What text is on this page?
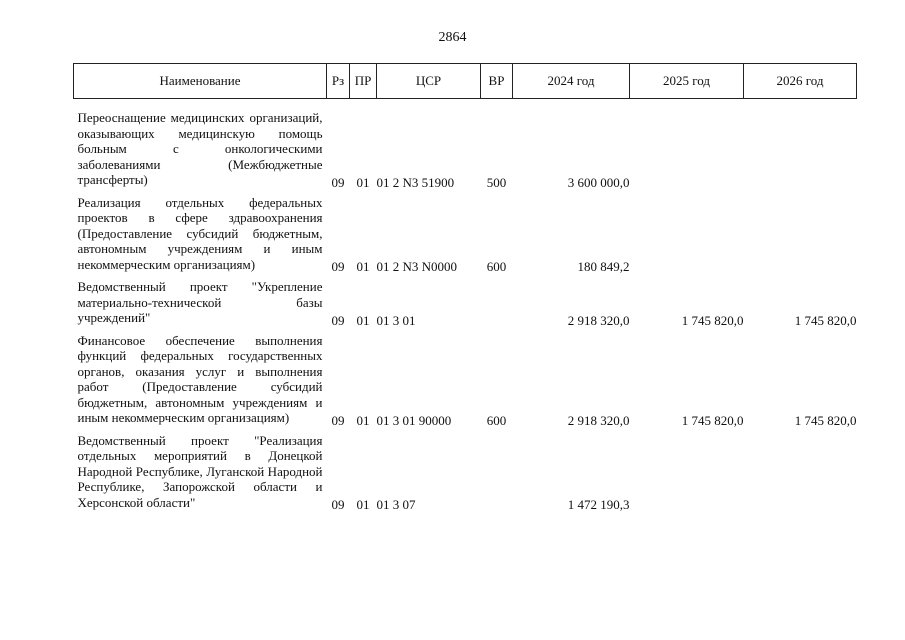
2864
Наименование	Рз	ПР	ЦСР	ВР	2024 год	2025 год	2026 год

Переоснащение медицинских организаций, оказывающих медицинскую помощь больным с онкологическими заболеваниями (Межбюджетные трансферты)	09	01	01 2 N3 51900	500	3 600 000,0		
Реализация отдельных федеральных проектов в сфере здравоохранения (Предоставление субсидий бюджетным, автономным учреждениям и иным некоммерческим организациям)	09	01	01 2 N3 N0000	600	180 849,2		
Ведомственный проект "Укрепление материально-технической базы учреждений"	09	01	01 3 01		2 918 320,0	1 745 820,0	1 745 820,0
Финансовое обеспечение выполнения функций федеральных государственных органов, оказания услуг и выполнения работ (Предоставление субсидий бюджетным, автономным учреждениям и иным некоммерческим организациям)	09	01	01 3 01 90000	600	2 918 320,0	1 745 820,0	1 745 820,0
Ведомственный проект "Реализация отдельных мероприятий в Донецкой Народной Республике, Луганской Народной Республике, Запорожской области и Херсонской области"	09	01	01 3 07		1 472 190,3		
